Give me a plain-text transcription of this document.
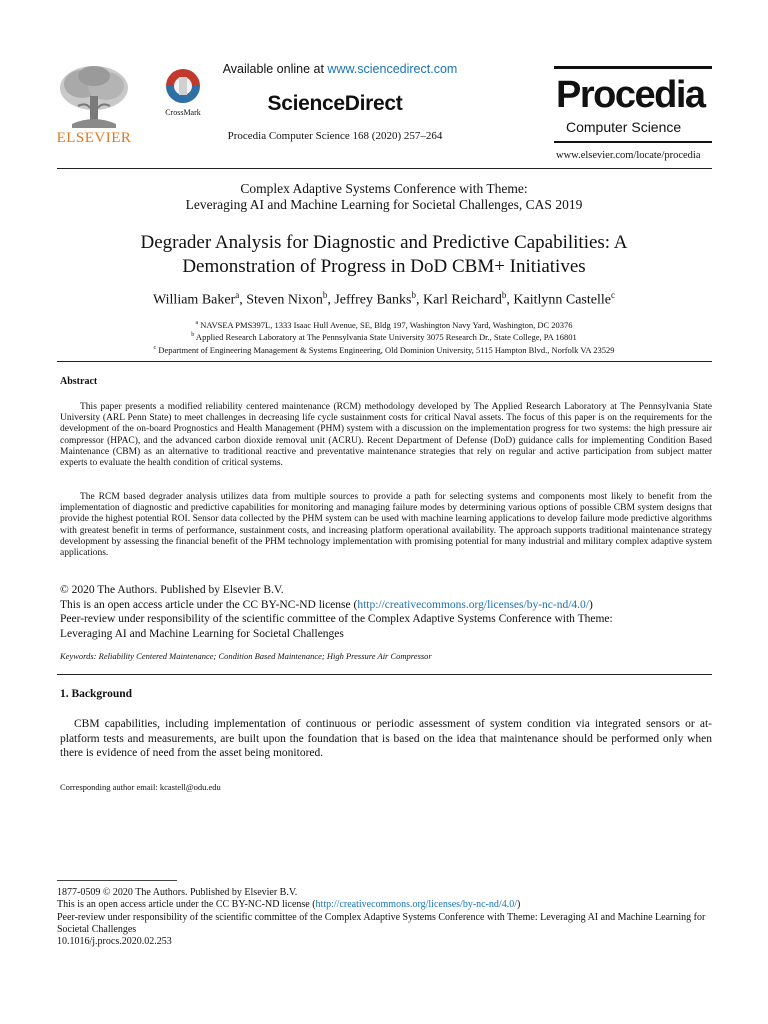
ELSEVIER
CrossMark
Available online at www.sciencedirect.com
ScienceDirect
Procedia Computer Science 168 (2020) 257–264
Procedia
Computer Science
www.elsevier.com/locate/procedia
Complex Adaptive Systems Conference with Theme:
Leveraging AI and Machine Learning for Societal Challenges, CAS 2019
Degrader Analysis for Diagnostic and Predictive Capabilities: A
Demonstration of Progress in DoD CBM+ Initiatives
William Baker$^a$, Steven Nixon$^b$, Jeffrey Banks$^b$, Karl Reichard$^b$, Kaitlynn Castelle$^c$
$^a$ NAVSEA PMS397L, 1333 Isaac Hull Avenue, SE, Bldg 197, Washington Navy Yard, Washington, DC 20376
$^b$ Applied Research Laboratory at The Pennsylvania State University 3075 Research Dr., State College, PA 16801
$^c$ Department of Engineering Management & Systems Engineering, Old Dominion University, 5115 Hampton Blvd., Norfolk VA 23529
Abstract
This paper presents a modified reliability centered maintenance (RCM) methodology developed by The Applied Research Laboratory at The Pennsylvania State University (ARL Penn State) to meet challenges in decreasing life cycle sustainment costs for critical Naval assets. The focus of this paper is on the requirements for the development of the on-board Prognostics and Health Management (PHM) system with a discussion on the implementation progress for two systems: the high pressure air compressor (HPAC), and the advanced carbon dioxide removal unit (ACRU). Recent Department of Defense (DoD) guidance calls for implementing Condition Based Maintenance (CBM) as an alternative to traditional reactive and preventative maintenance strategies that rely on regular and active participation from subject matter experts to evaluate the health condition of critical systems.
The RCM based degrader analysis utilizes data from multiple sources to provide a path for selecting systems and components most likely to benefit from the implementation of diagnostic and predictive capabilities for monitoring and managing failure modes by determining various options of possible CBM system designs that provide the highest potential ROI. Sensor data collected by the PHM system can be used with machine learning applications to develop failure mode predictive algorithms with greatest benefit in terms of performance, sustainment costs, and increasing platform operational availability. The approach supports traditional maintenance strategy development by assessing the financial benefit of the PHM technology implementation with promising potential for many industrial and military complex adaptive system applications.
© 2020 The Authors. Published by Elsevier B.V.
This is an open access article under the CC BY-NC-ND license (http://creativecommons.org/licenses/by-nc-nd/4.0/)
Peer-review under responsibility of the scientific committee of the Complex Adaptive Systems Conference with Theme:
Leveraging AI and Machine Learning for Societal Challenges
Keywords: Reliability Centered Maintenance; Condition Based Maintenance; High Pressure Air Compressor
1. Background
CBM capabilities, including implementation of continuous or periodic assessment of system condition via integrated sensors or at-platform tests and measurements, are built upon the foundation that is based on the idea that maintenance should be performed only when there is evidence of need from the asset being monitored.
Corresponding author email: kcastell@odu.edu
1877-0509 © 2020 The Authors. Published by Elsevier B.V.
This is an open access article under the CC BY-NC-ND license (http://creativecommons.org/licenses/by-nc-nd/4.0/)
Peer-review under responsibility of the scientific committee of the Complex Adaptive Systems Conference with Theme: Leveraging AI and Machine Learning for Societal Challenges
10.1016/j.procs.2020.02.253
